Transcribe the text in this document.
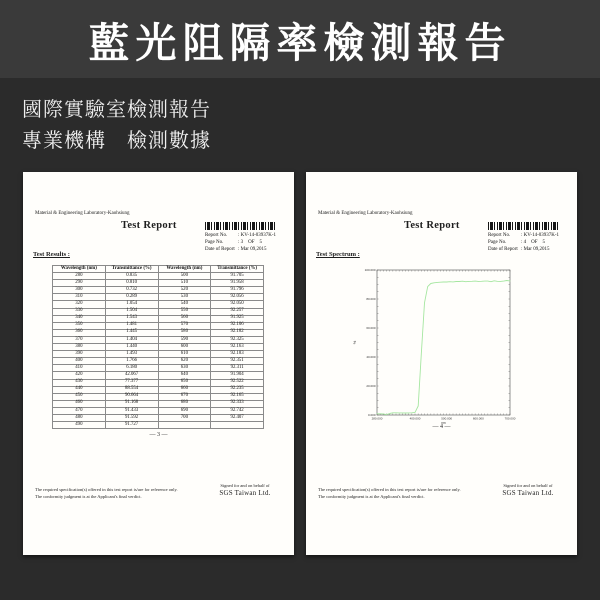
藍光阻隔率檢測報告
國際實驗室檢測報告
專業機構　檢測數據
Material & Engineering Laboratory-Kaohsiung
Test Report
Report No.	: KV-14-03937K-1
Page No.	: 3    OF    5
Date of Report : Mar 09,2015
Test Results :
Wavelength (nm)	Transmittance (%)	Wavelength (nm)	Transmittance (%)
280	0.835	500	91.705
290	0.810	510	91.958
300	0.732	520	91.796
310	0.289	530	92.056
320	1.054	540	92.050
330	1.504	550	92.257
340	1.543	560	91.925
350	1.481	570	92.106
360	1.445	580	92.182
370	1.404	590	92.325
380	1.440	600	92.163
390	1.493	610	92.183
400	1.766	620	92.351
410	6.180	630	92.311
420	42.067	640	91.904
430	77.377	650	92.522
440	88.554	660	92.235
450	90.664	670	92.165
460	91.168	680	92.333
470	91.433	690	92.742
480	91.592	700	92.407
490	91.727		
— 3 —
The required specification(s) offered in this test report is/are for reference only.
The conformity judgment is at the Applicant's final verdict.
Signed for and on behalf of
SGS Taiwan Ltd.
Material & Engineering Laboratory-Kaohsiung
Test Report
Report No.	: KV-14-03937K-1
Page No.	: 4    OF    5
Date of Report : Mar 09,2015
Test Spectrum :
280.000	400.000	500.000	600.000	700.000
0.000
20.000
40.000
60.000
80.000
100.000
nm
%
— 4 —
The required specification(s) offered in this test report is/are for reference only.
The conformity judgment is at the Applicant's final verdict.
Signed for and on behalf of
SGS Taiwan Ltd.
